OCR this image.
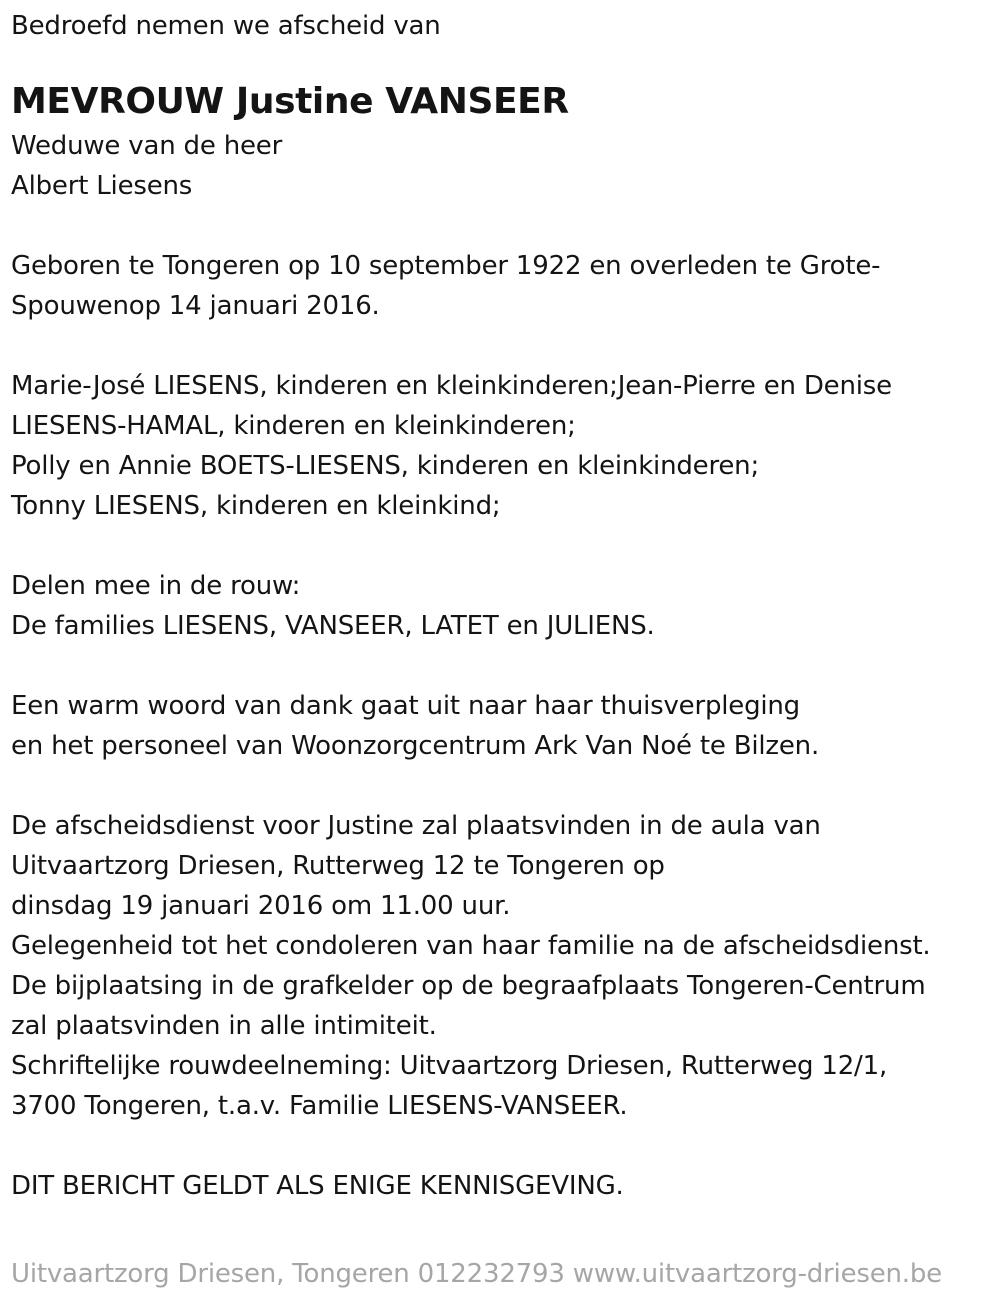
Bedroefd nemen we afscheid van
MEVROUW Justine VANSEER
Weduwe van de heer
Albert Liesens
Geboren te Tongeren op 10 september 1922 en overleden te Grote-
Spouwenop 14 januari 2016.
Marie-José LIESENS, kinderen en kleinkinderen;Jean-Pierre en Denise
LIESENS-HAMAL, kinderen en kleinkinderen;
Polly en Annie BOETS-LIESENS, kinderen en kleinkinderen;
Tonny LIESENS, kinderen en kleinkind;
Delen mee in de rouw:
De families LIESENS, VANSEER, LATET en JULIENS.
Een warm woord van dank gaat uit naar haar thuisverpleging
en het personeel van Woonzorgcentrum Ark Van Noé te Bilzen.
De afscheidsdienst voor Justine zal plaatsvinden in de aula van
Uitvaartzorg Driesen, Rutterweg 12 te Tongeren op
dinsdag 19 januari 2016 om 11.00 uur.
Gelegenheid tot het condoleren van haar familie na de afscheidsdienst.
De bijplaatsing in de grafkelder op de begraafplaats Tongeren-Centrum
zal plaatsvinden in alle intimiteit.
Schriftelijke rouwdeelneming: Uitvaartzorg Driesen, Rutterweg 12/1,
3700 Tongeren, t.a.v. Familie LIESENS-VANSEER.
DIT BERICHT GELDT ALS ENIGE KENNISGEVING.
Uitvaartzorg Driesen, Tongeren 012232793 www.uitvaartzorg-driesen.be
